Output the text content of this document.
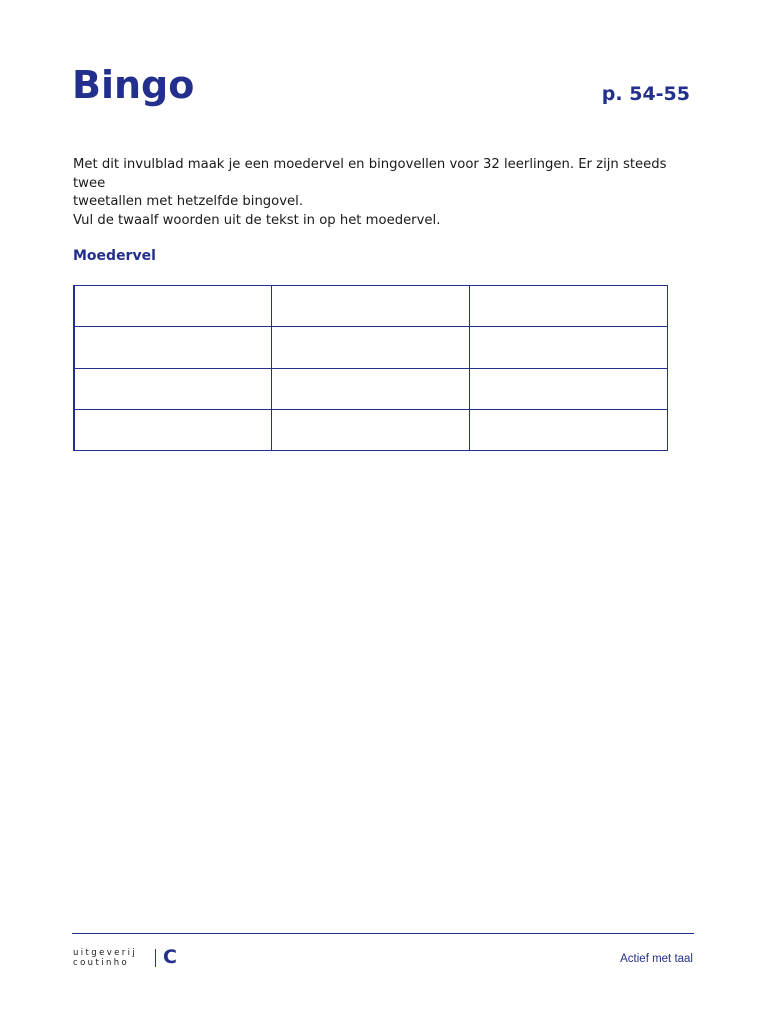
Bingo	p. 54-55

Met dit invulblad maak je een moedervel en bingovellen voor 32 leerlingen. Er zijn steeds twee

tweetallen met hetzelfde bingovel.

Vul de twaalf woorden uit de tekst in op het moedervel.

Moedervel

uitgeverij
coutinho	C	Actief met taal
